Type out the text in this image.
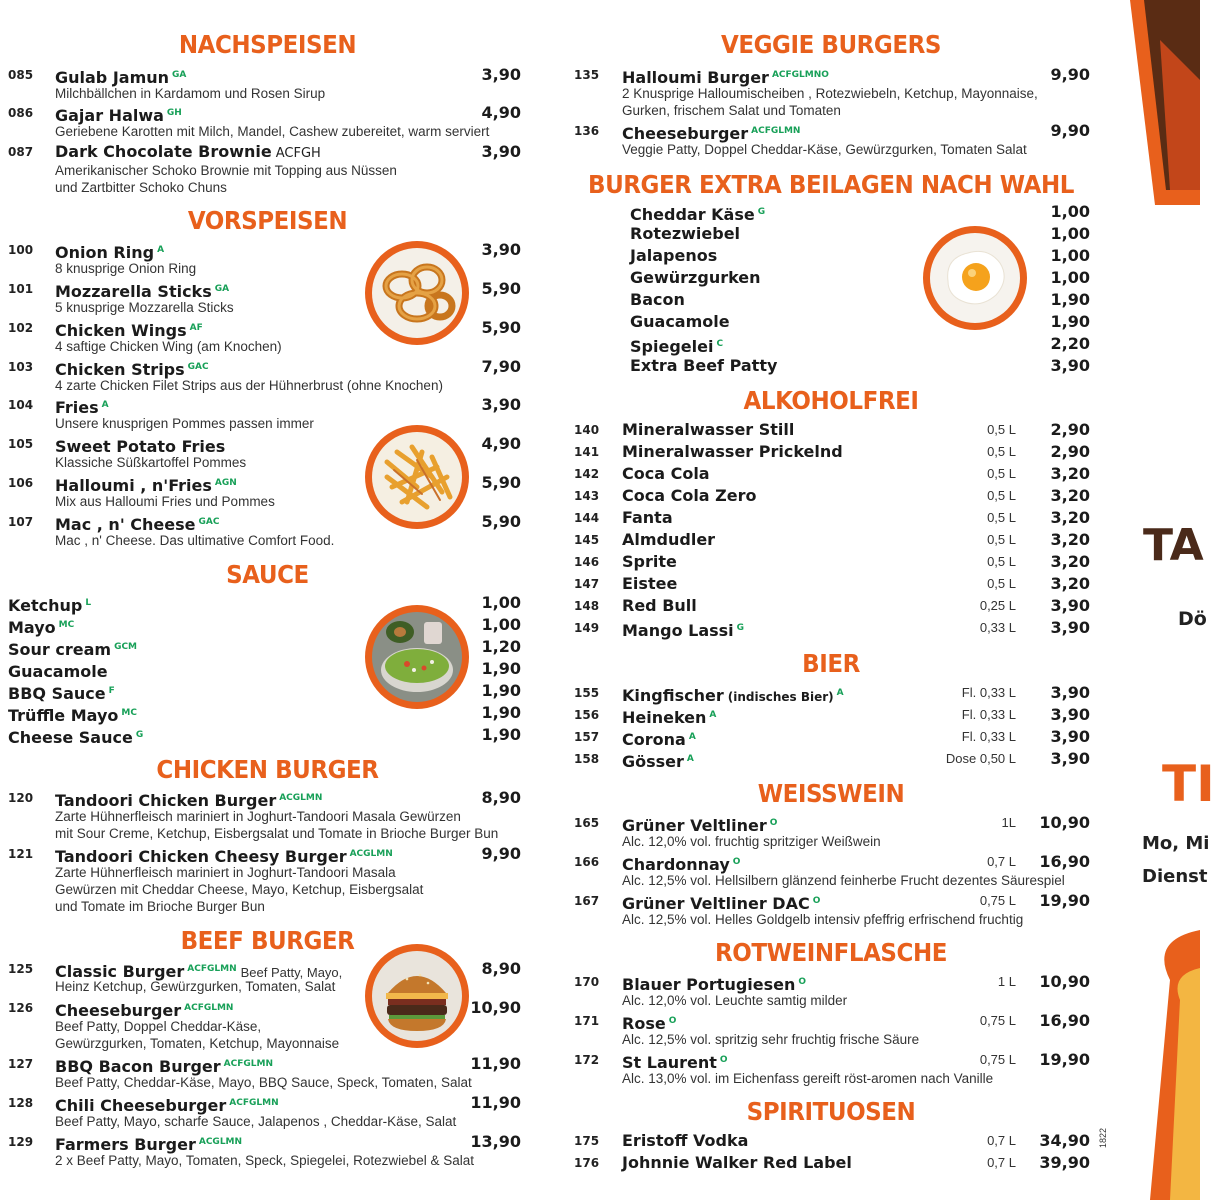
NACHSPEISEN
085 Gulab Jamun $^{GA}$	3,90
Milchbällchen in Kardamom und Rosen Sirup
086 Gajar Halwa $^{GH}$	4,90
Geriebene Karotten mit Milch, Mandel, Cashew zubereitet, warm serviert
087 Dark Chocolate Brownie ACFGH	3,90
Amerikanischer Schoko Brownie mit Topping aus Nüssen
und Zartbitter Schoko Chuns
VORSPEISEN
100 Onion Ring $^A$	3,90
8 knusprige Onion Ring
101 Mozzarella Sticks $^{GA}$	5,90
5 knusprige Mozzarella Sticks
102 Chicken Wings $^{AF}$	5,90
4 saftige Chicken Wing (am Knochen)
103 Chicken Strips $^{GAC}$	7,90
4 zarte Chicken Filet Strips aus der Hühnerbrust (ohne Knochen)
104 Fries $^A$	3,90
Unsere knusprigen Pommes passen immer
105 Sweet Potato Fries	4,90
Klassiche Süßkartoffel Pommes
106 Halloumi , n'Fries $^{AGN}$	5,90
Mix aus Halloumi Fries und Pommes
107 Mac , n' Cheese $^{GAC}$	5,90
Mac , n' Cheese. Das ultimative Comfort Food.
SAUCE
Ketchup $^L$	1,00
Mayo $^{MC}$	1,00
Sour cream $^{GCM}$	1,20
Guacamole	1,90
BBQ Sauce $^F$	1,90
Trüffle Mayo $^{MC}$	1,90
Cheese Sauce $^G$	1,90
CHICKEN BURGER
120 Tandoori Chicken Burger $^{ACGLMN}$	8,90
Zarte Hühnerfleisch mariniert in Joghurt-Tandoori Masala Gewürzen
mit Sour Creme, Ketchup, Eisbergsalat und Tomate in Brioche Burger Bun
121 Tandoori Chicken Cheesy Burger $^{ACGLMN}$	9,90
Zarte Hühnerfleisch mariniert in Joghurt-Tandoori Masala
Gewürzen mit Cheddar Cheese, Mayo, Ketchup, Eisbergsalat
und Tomate im Brioche Burger Bun
BEEF BURGER
125 Classic Burger $^{ACFGLMN}$ Beef Patty, Mayo,	8,90
Heinz Ketchup, Gewürzgurken, Tomaten, Salat
126 Cheeseburger $^{ACFGLMN}$	10,90
Beef Patty, Doppel Cheddar-Käse,
Gewürzgurken, Tomaten, Ketchup, Mayonnaise
127 BBQ Bacon Burger $^{ACFGLMN}$	11,90
Beef Patty, Cheddar-Käse, Mayo, BBQ Sauce, Speck, Tomaten, Salat
128 Chili Cheeseburger $^{ACFGLMN}$	11,90
Beef Patty, Mayo, scharfe Sauce, Jalapenos , Cheddar-Käse, Salat
129 Farmers Burger $^{ACGLMN}$	13,90
2 x Beef Patty, Mayo, Tomaten, Speck, Spiegelei, Rotezwiebel & Salat
VEGGIE BURGERS
135 Halloumi Burger $^{ACFGLMNO}$	9,90
2 Knusprige Halloumischeiben , Rotezwiebeln, Ketchup, Mayonnaise,
Gurken, frischem Salat und Tomaten
136 Cheeseburger $^{ACFGLMN}$	9,90
Veggie Patty, Doppel Cheddar-Käse, Gewürzgurken, Tomaten Salat
BURGER EXTRA BEILAGEN NACH WAHL
Cheddar Käse $^G$	1,00
Rotezwiebel	1,00
Jalapenos	1,00
Gewürzgurken	1,00
Bacon	1,90
Guacamole	1,90
Spiegelei $^C$	2,20
Extra Beef Patty	3,90
ALKOHOLFREI
140 Mineralwasser Still	0,5 L 2,90
141 Mineralwasser Prickelnd	0,5 L 2,90
142 Coca Cola	0,5 L 3,20
143 Coca Cola Zero	0,5 L 3,20
144 Fanta	0,5 L 3,20
145 Almdudler	0,5 L 3,20
146 Sprite	0,5 L 3,20
147 Eistee	0,5 L 3,20
148 Red Bull	0,25 L 3,90
149 Mango Lassi $^G$	0,33 L 3,90
BIER
155 Kingfischer (indisches Bier) $^A$	Fl. 0,33 L 3,90
156 Heineken $^A$	Fl. 0,33 L 3,90
157 Corona $^A$	Fl. 0,33 L 3,90
158 Gösser $^A$	Dose 0,50 L 3,90
WEISSWEIN
165 Grüner Veltliner $^O$	1L 10,90
Alc. 12,0% vol. fruchtig spritziger Weißwein
166 Chardonnay $^O$	0,7 L 16,90
Alc. 12,5% vol. Hellsilbern glänzend feinherbe Frucht dezentes Säurespiel
167 Grüner Veltliner DAC $^O$	0,75 L 19,90
Alc. 12,5% vol. Helles Goldgelb intensiv pfeffrig erfrischend fruchtig
ROTWEINFLASCHE
170 Blauer Portugiesen $^O$	1 L 10,90
Alc. 12,0% vol. Leuchte samtig milder
171 Rose $^O$	0,75 L 16,90
Alc. 12,5% vol. spritzig sehr fruchtig frische Säure
172 St Laurent $^O$	0,75 L 19,90
Alc. 13,0% vol. im Eichenfass gereift röst-aromen nach Vanille
SPIRITUOSEN
175 Eristoff Vodka	0,7 L 34,90
176 Johnnie Walker Red Label	0,7 L 39,90
1822
TA
Dö
TI
Mo, Mi
Dienst
